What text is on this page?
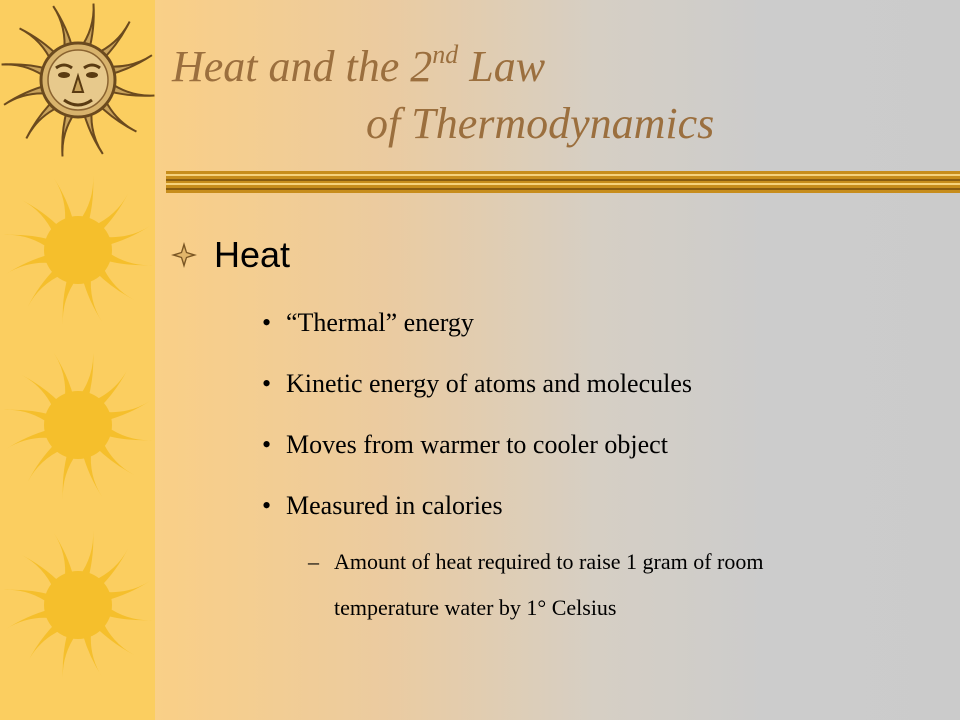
Heat and the 2nd Law
of Thermodynamics
Heat
• “Thermal” energy
• Kinetic energy of atoms and molecules
• Moves from warmer to cooler object
• Measured in calories
– Amount of heat required to raise 1 gram of room
temperature water by 1° Celsius
